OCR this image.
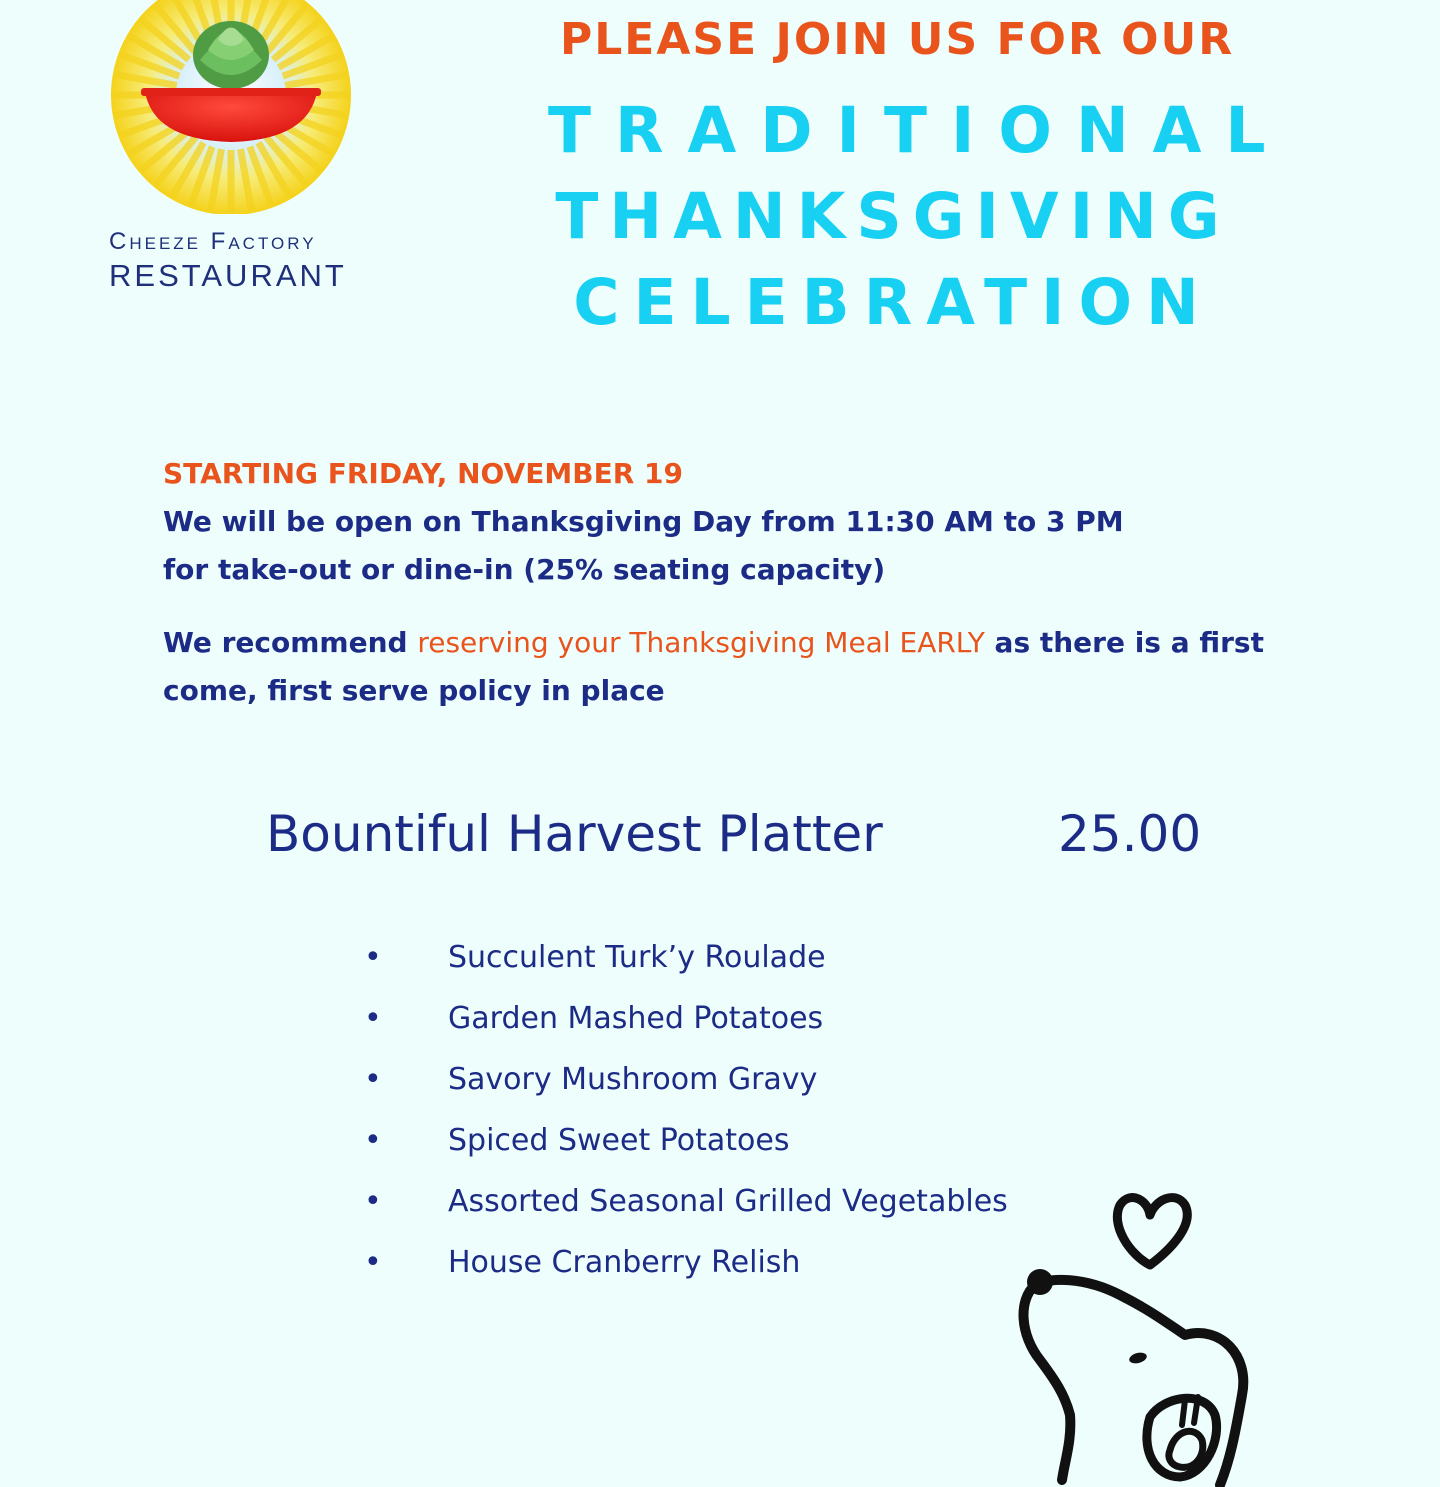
Cheeze Factory
RESTAURANT
PLEASE JOIN US FOR OUR
TRADITIONAL
THANKSGIVING
CELEBRATION
STARTING FRIDAY, NOVEMBER 19

We will be open on Thanksgiving Day from 11:30 AM to 3 PM
for take-out or dine-in (25% seating capacity)

We recommend reserving your Thanksgiving Meal EARLY as there is a first come, first serve policy in place

Bountiful Harvest Platter	25.00
• Succulent Turk’y Roulade
• Garden Mashed Potatoes
• Savory Mushroom Gravy
• Spiced Sweet Potatoes
• Assorted Seasonal Grilled Vegetables
• House Cranberry Relish
